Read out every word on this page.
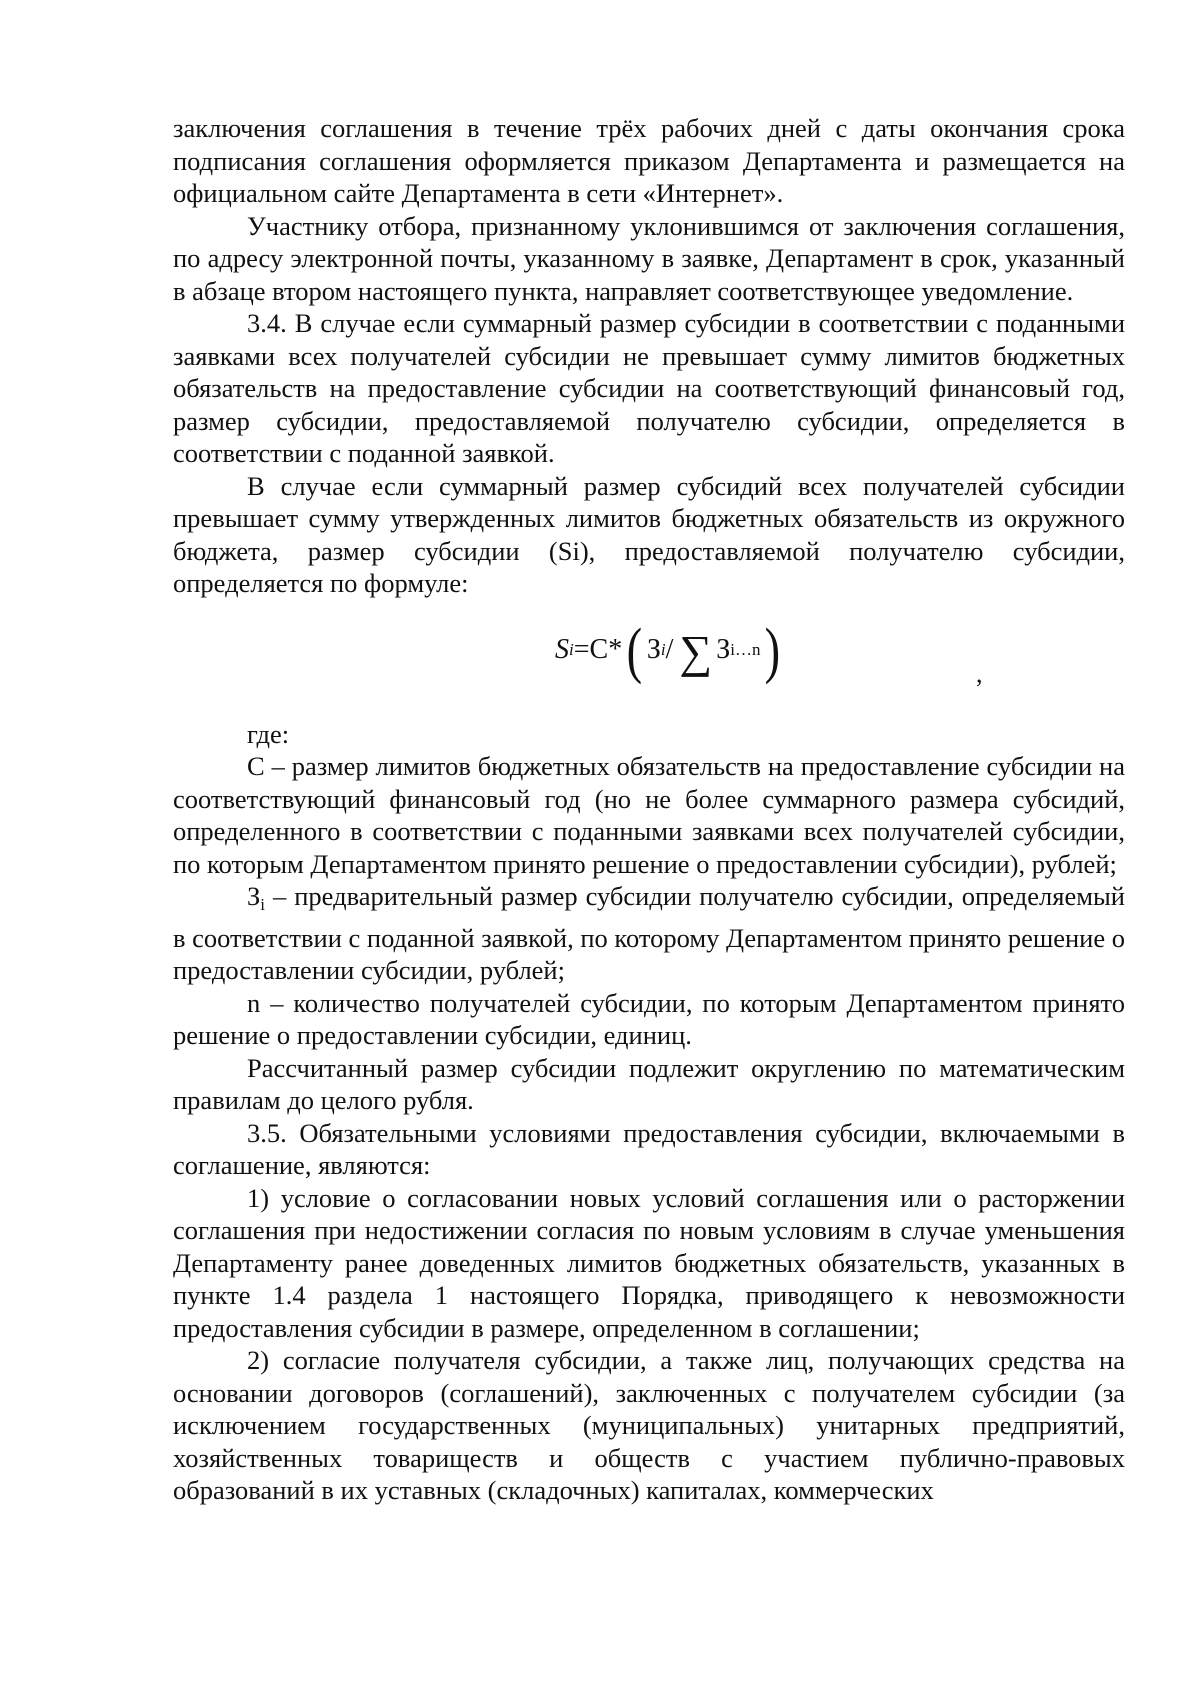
заключения соглашения в течение трёх рабочих дней с даты окончания срока подписания соглашения оформляется приказом Департамента и размещается на официальном сайте Департамента в сети «Интернет».

Участнику отбора, признанному уклонившимся от заключения соглашения, по адресу электронной почты, указанному в заявке, Департамент в срок, указанный в абзаце втором настоящего пункта, направляет соответствующее уведомление.

3.4. В случае если суммарный размер субсидии в соответствии с поданными заявками всех получателей субсидии не превышает сумму лимитов бюджетных обязательств на предоставление субсидии на соответствующий финансовый год, размер субсидии, предоставляемой получателю субсидии, определяется в соответствии с поданной заявкой.

В случае если суммарный размер субсидий всех получателей субсидии превышает сумму утвержденных лимитов бюджетных обязательств из окружного бюджета, размер субсидии (Si), предоставляемой получателю субсидии, определяется по формуле:

S i = С* ( З i / ∑ З i…n )	,

где:

С – размер лимитов бюджетных обязательств на предоставление субсидии на соответствующий финансовый год (но не более суммарного размера субсидий, определенного в соответствии с поданными заявками всех получателей субсидии, по которым Департаментом принято решение о предоставлении субсидии), рублей;

Зi – предварительный размер субсидии получателю субсидии, определяемый в соответствии с поданной заявкой, по которому Департаментом принято решение о предоставлении субсидии, рублей;

n – количество получателей субсидии, по которым Департаментом принято решение о предоставлении субсидии, единиц.

Рассчитанный размер субсидии подлежит округлению по математическим правилам до целого рубля.

3.5. Обязательными условиями предоставления субсидии, включаемыми в соглашение, являются:

1) условие о согласовании новых условий соглашения или о расторжении соглашения при недостижении согласия по новым условиям в случае уменьшения Департаменту ранее доведенных лимитов бюджетных обязательств, указанных в пункте 1.4 раздела 1 настоящего Порядка, приводящего к невозможности предоставления субсидии в размере, определенном в соглашении;

2) согласие получателя субсидии, а также лиц, получающих средства на основании договоров (соглашений), заключенных с получателем субсидии (за исключением государственных (муниципальных) унитарных предприятий, хозяйственных товариществ и обществ с участием публично-правовых образований в их уставных (складочных) капиталах, коммерческих
